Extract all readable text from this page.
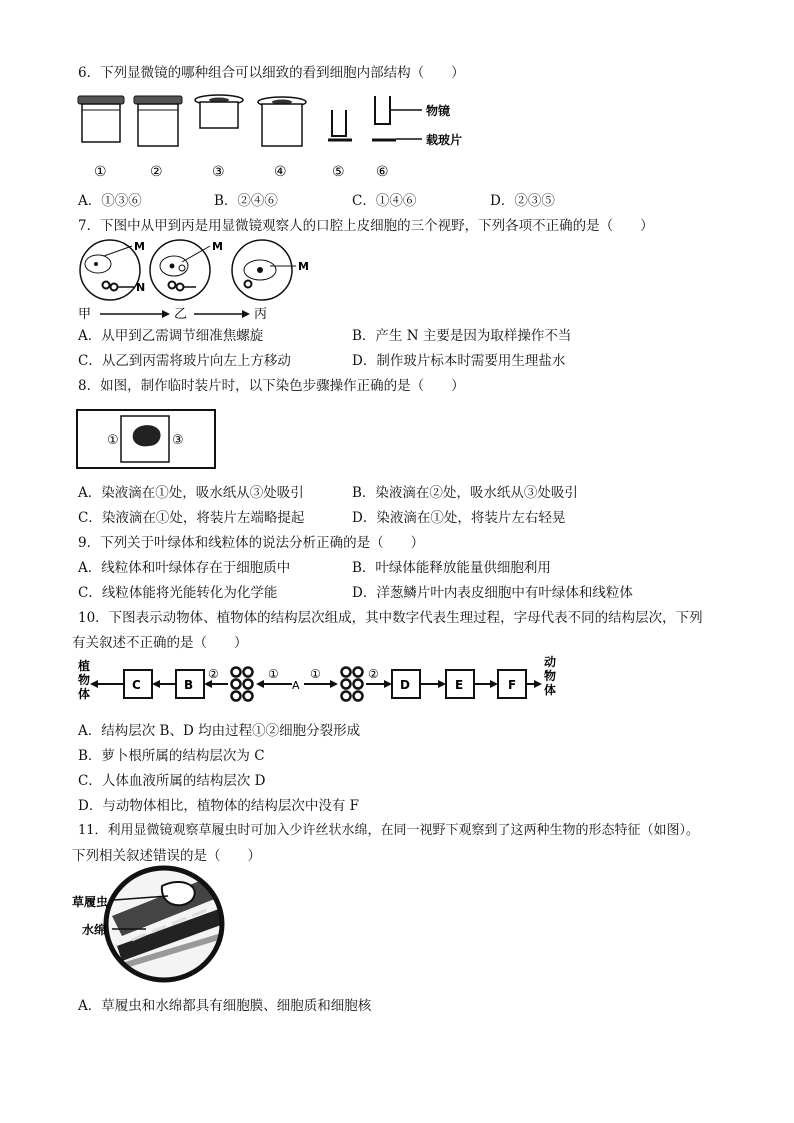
6．下列显微镜的哪种组合可以细致的看到细胞内部结构（　　）
物镜
载玻片
①	②	③	④	⑤ ⑥
A．①③⑥	B．②④⑥	C．①④⑥	D．②③⑤
7．下图中从甲到丙是用显微镜观察人的口腔上皮细胞的三个视野，下列各项不正确的是（　　）
M	M
M
N
甲	乙	丙
A．从甲到乙需调节细准焦螺旋	B．产生 N 主要是因为取样操作不当
C．从乙到丙需将玻片向左上方移动	D．制作玻片标本时需要用生理盐水
8．如图，制作临时装片时，以下染色步骤操作正确的是（　　）
①	③
A．染液滴在①处，吸水纸从③处吸引	B．染液滴在②处，吸水纸从③处吸引
C．染液滴在①处，将装片左端略提起	D．染液滴在①处，将装片左右轻晃
9．下列关于叶绿体和线粒体的说法分析正确的是（　　）
A．线粒体和叶绿体存在于细胞质中	B．叶绿体能释放能量供细胞利用
C．线粒体能将光能转化为化学能	D．洋葱鳞片叶内表皮细胞中有叶绿体和线粒体
10．下图表示动物体、植物体的结构层次组成，其中数字代表生理过程，字母代表不同的结构层次，下列
有关叙述不正确的是（　　）
植物体
C	B
②	①
A
①	②
D	E	F
动物体
A．结构层次 B、D 均由过程①②细胞分裂形成
B．萝卜根所属的结构层次为 C
C．人体血液所属的结构层次 D
D．与动物体相比，植物体的结构层次中没有 F
11．利用显微镜观察草履虫时可加入少许丝状水绵，在同一视野下观察到了这两种生物的形态特征（如图）。
下列相关叙述错误的是（　　）
草履虫
水绵
A．草履虫和水绵都具有细胞膜、细胞质和细胞核
